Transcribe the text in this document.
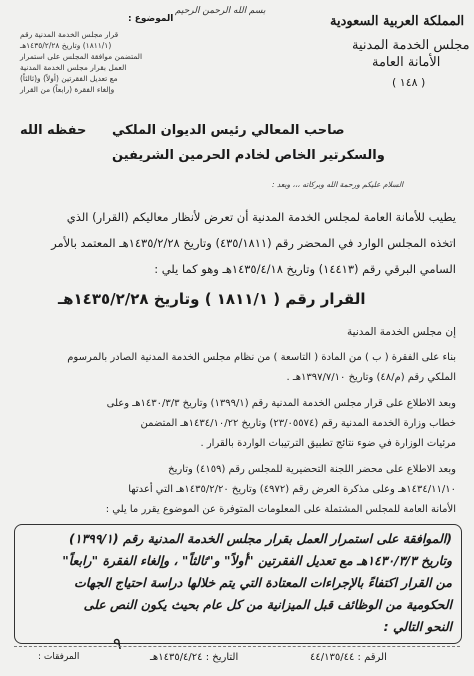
بسم الله الرحمن الرحيم
المملكة العربية السعودية
مجلس الخدمة المدنية
الأمانة العامة
( ١٤٨ )
الموضوع :
قرار مجلس الخدمة المدنية رقم
(١٨١١/١) وتاريخ ١٤٣٥/٢/٢٨هـ
المتضمن موافقة المجلس على استمرار
العمل بقرار مجلس الخدمة المدنية
مع تعديل الفقرتين (أولاً) و(ثالثاً)
وإلغاء الفقرة (رابعاً) من القرار
صاحب المعالي رئيس الديوان الملكي
حفظه الله
والسكرتير الخاص لخادم الحرمين الشريفين
السلام عليكم ورحمة الله وبركاته ،،، وبعد :
يطيب للأمانة العامة لمجلس الخدمة المدنية أن تعرض لأنظار معاليكم (القرار) الذي
اتخذه المجلس الوارد في المحضر رقم (٤٣٥/١٨١١) وتاريخ ١٤٣٥/٢/٢٨هـ المعتمد بالأمر
السامي البرقي رقم (١٤٤١٣) وتاريخ ١٤٣٥/٤/١٨هـ وهو كما يلي :
القرار رقم ( ١٨١١/١ ) وتاريخ ١٤٣٥/٢/٢٨هـ
إن مجلس الخدمة المدنية
بناء على الفقرة ( ب ) من المادة ( التاسعة ) من نظام مجلس الخدمة المدنية الصادر بالمرسوم
الملكي رقم (م/٤٨) وتاريخ ١٣٩٧/٧/١٠هـ .
وبعد الاطلاع على قرار مجلس الخدمة المدنية رقم (١٣٩٩/١) وتاريخ ١٤٣٠/٣/٣هـ وعلى
خطاب وزارة الخدمة المدنية رقم (٢٣/٠٥٥٧٤) وتاريخ ١٤٣٤/١٠/٢٢هـ المتضمن
مرئيات الوزارة في ضوء نتائج تطبيق الترتيبات الواردة بالقرار .
وبعد الاطلاع على محضر اللجنة التحضيرية للمجلس رقم (٤١٥٩) وتاريخ
١٤٣٤/١١/١٠هـ وعلى مذكرة العرض رقم (٤٩٧٢) وتاريخ ١٤٣٥/٢/٢٠هـ التي أعدتها
الأمانة العامة للمجلس المشتملة على المعلومات المتوفرة عن الموضوع يقرر ما يلي :
(الموافقة على استمرار العمل بقرار مجلس الخدمة المدنية رقم (١٣٩٩/١)
وتاريخ ١٤٣٠/٣/٣هـ مع تعديل الفقرتين "أولاً" و"ثالثاً" ، وإلغاء الفقرة "رابعاً"
من القرار اكتفاءً بالإجراءات المعتادة التي يتم خلالها دراسة احتياج الجهات
الحكومية من الوظائف قبل الميزانية من كل عام بحيث يكون النص على
النحو التالي :
٩
الرقم : ٤٤/١٣٥/٤٤
التاريخ : ١٤٣٥/٤/٢٤هـ
المرفقات :
